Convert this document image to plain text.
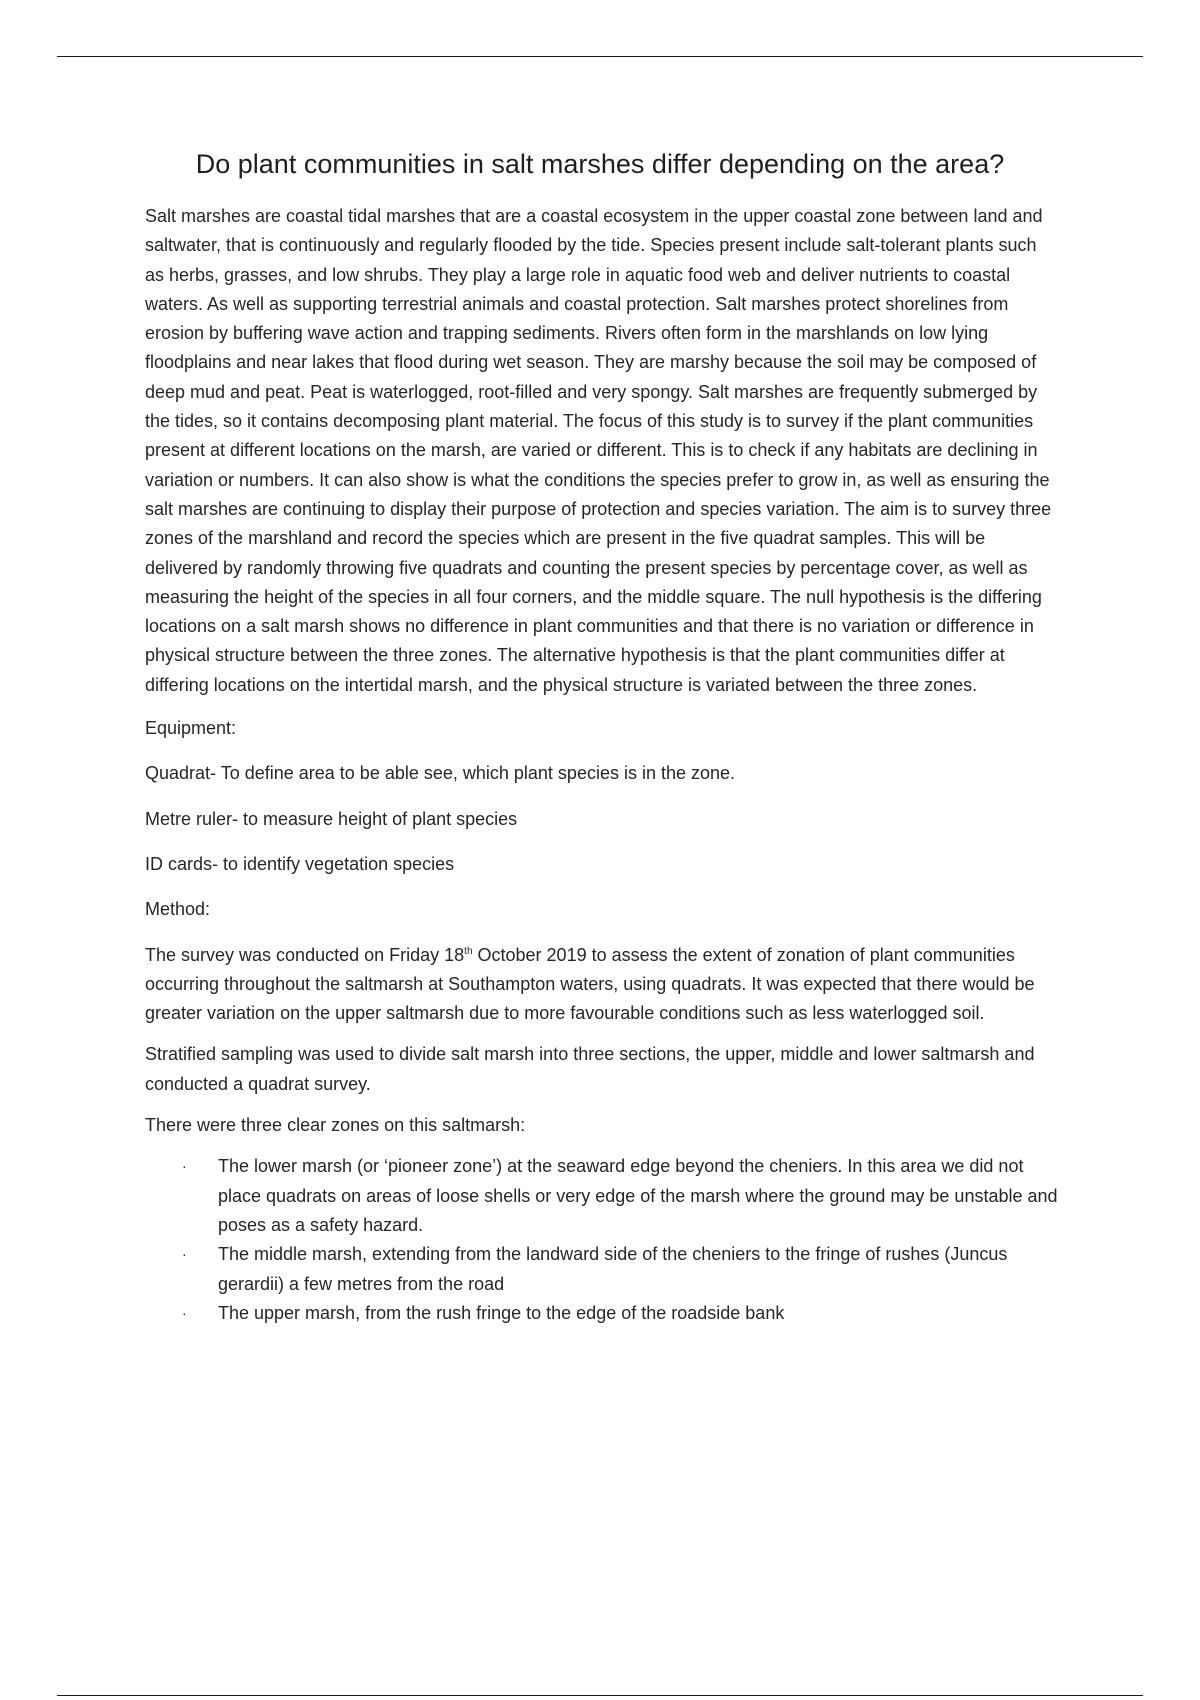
Do plant communities in salt marshes differ depending on the area?

Salt marshes are coastal tidal marshes that are a coastal ecosystem in the upper coastal zone between land and saltwater, that is continuously and regularly flooded by the tide. Species present include salt-tolerant plants such as herbs, grasses, and low shrubs. They play a large role in aquatic food web and deliver nutrients to coastal waters. As well as supporting terrestrial animals and coastal protection. Salt marshes protect shorelines from erosion by buffering wave action and trapping sediments. Rivers often form in the marshlands on low lying floodplains and near lakes that flood during wet season. They are marshy because the soil may be composed of deep mud and peat. Peat is waterlogged, root-filled and very spongy. Salt marshes are frequently submerged by the tides, so it contains decomposing plant material. The focus of this study is to survey if the plant communities present at different locations on the marsh, are varied or different. This is to check if any habitats are declining in variation or numbers. It can also show is what the conditions the species prefer to grow in, as well as ensuring the salt marshes are continuing to display their purpose of protection and species variation. The aim is to survey three zones of the marshland and record the species which are present in the five quadrat samples. This will be delivered by randomly throwing five quadrats and counting the present species by percentage cover, as well as measuring the height of the species in all four corners, and the middle square. The null hypothesis is the differing locations on a salt marsh shows no difference in plant communities and that there is no variation or difference in physical structure between the three zones. The alternative hypothesis is that the plant communities differ at differing locations on the intertidal marsh, and the physical structure is variated between the three zones.

Equipment:

Quadrat- To define area to be able see, which plant species is in the zone.

Metre ruler- to measure height of plant species

ID cards- to identify vegetation species

Method:

The survey was conducted on Friday 18th October 2019 to assess the extent of zonation of plant communities occurring throughout the saltmarsh at Southampton waters, using quadrats. It was expected that there would be greater variation on the upper saltmarsh due to more favourable conditions such as less waterlogged soil.

Stratified sampling was used to divide salt marsh into three sections, the upper, middle and lower saltmarsh and conducted a quadrat survey.

There were three clear zones on this saltmarsh:

· The lower marsh (or ‘pioneer zone’) at the seaward edge beyond the cheniers. In this area we did not place quadrats on areas of loose shells or very edge of the marsh where the ground may be unstable and poses as a safety hazard.
· The middle marsh, extending from the landward side of the cheniers to the fringe of rushes (Juncus gerardii) a few metres from the road
· The upper marsh, from the rush fringe to the edge of the roadside bank
